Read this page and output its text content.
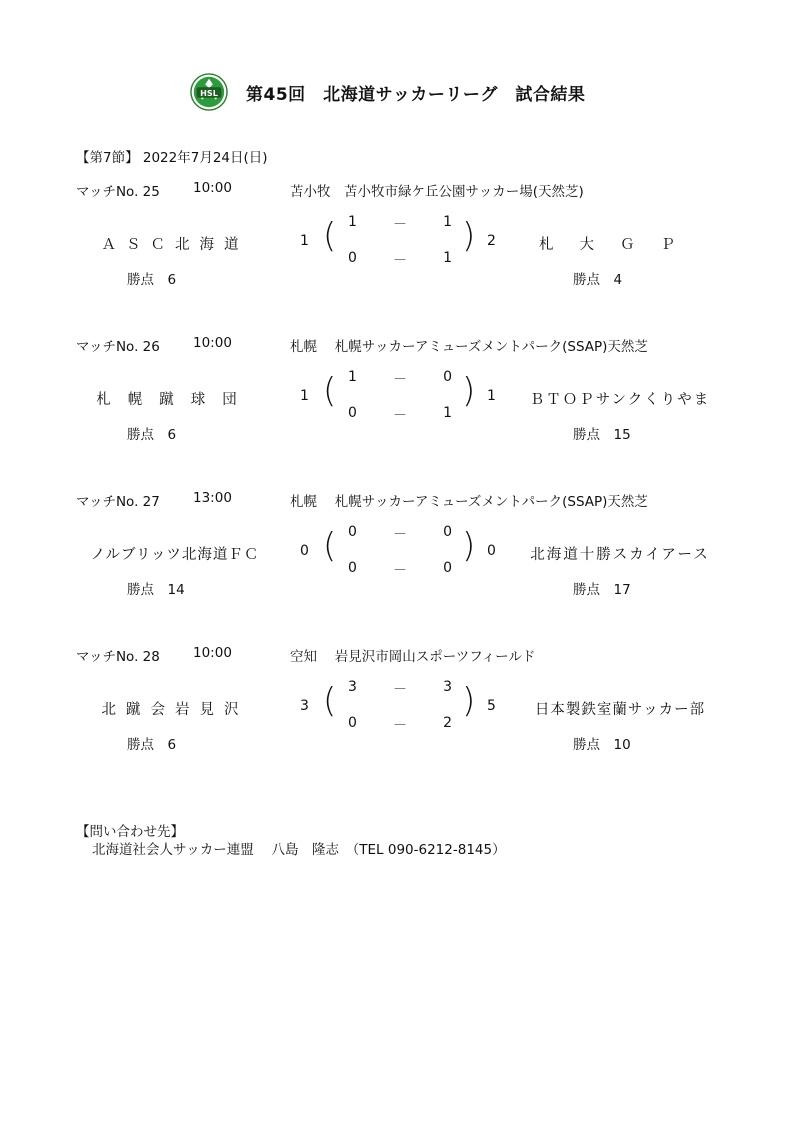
HSL 第45回　北海道サッカーリーグ　試合結果
【第7節】 2022年7月24日(日)
マッチNo. 25 10:00	苫小牧　苫小牧市緑ケ丘公園サッカー場(天然芝)
ＡＳＣ北海道	1 ( 1	－	1
0	－	1
) 2	札大ＧＰ
勝点　6	勝点　4
マッチNo. 26 10:00	札幌　 札幌サッカーアミューズメントパーク(SSAP)天然芝
札幌蹴球団	1 ( 1	－	0
0	－	1
) 1	ＢＴＯＰサンクくりやま
勝点　6	勝点　15
マッチNo. 27 13:00	札幌　 札幌サッカーアミューズメントパーク(SSAP)天然芝
ノルブリッツ北海道ＦＣ	0 ( 0	－	0
0	－	0
) 0	北海道十勝スカイアース
勝点　14	勝点　17
マッチNo. 28 10:00	空知　 岩見沢市岡山スポーツフィールド
北蹴会岩見沢	3 ( 3	－	3
0	－	2
) 5	日本製鉄室蘭サッカー部
勝点　6	勝点　10
【問い合わせ先】
北海道社会人サッカー連盟　 八島　隆志　（TEL 090-6212-8145）
